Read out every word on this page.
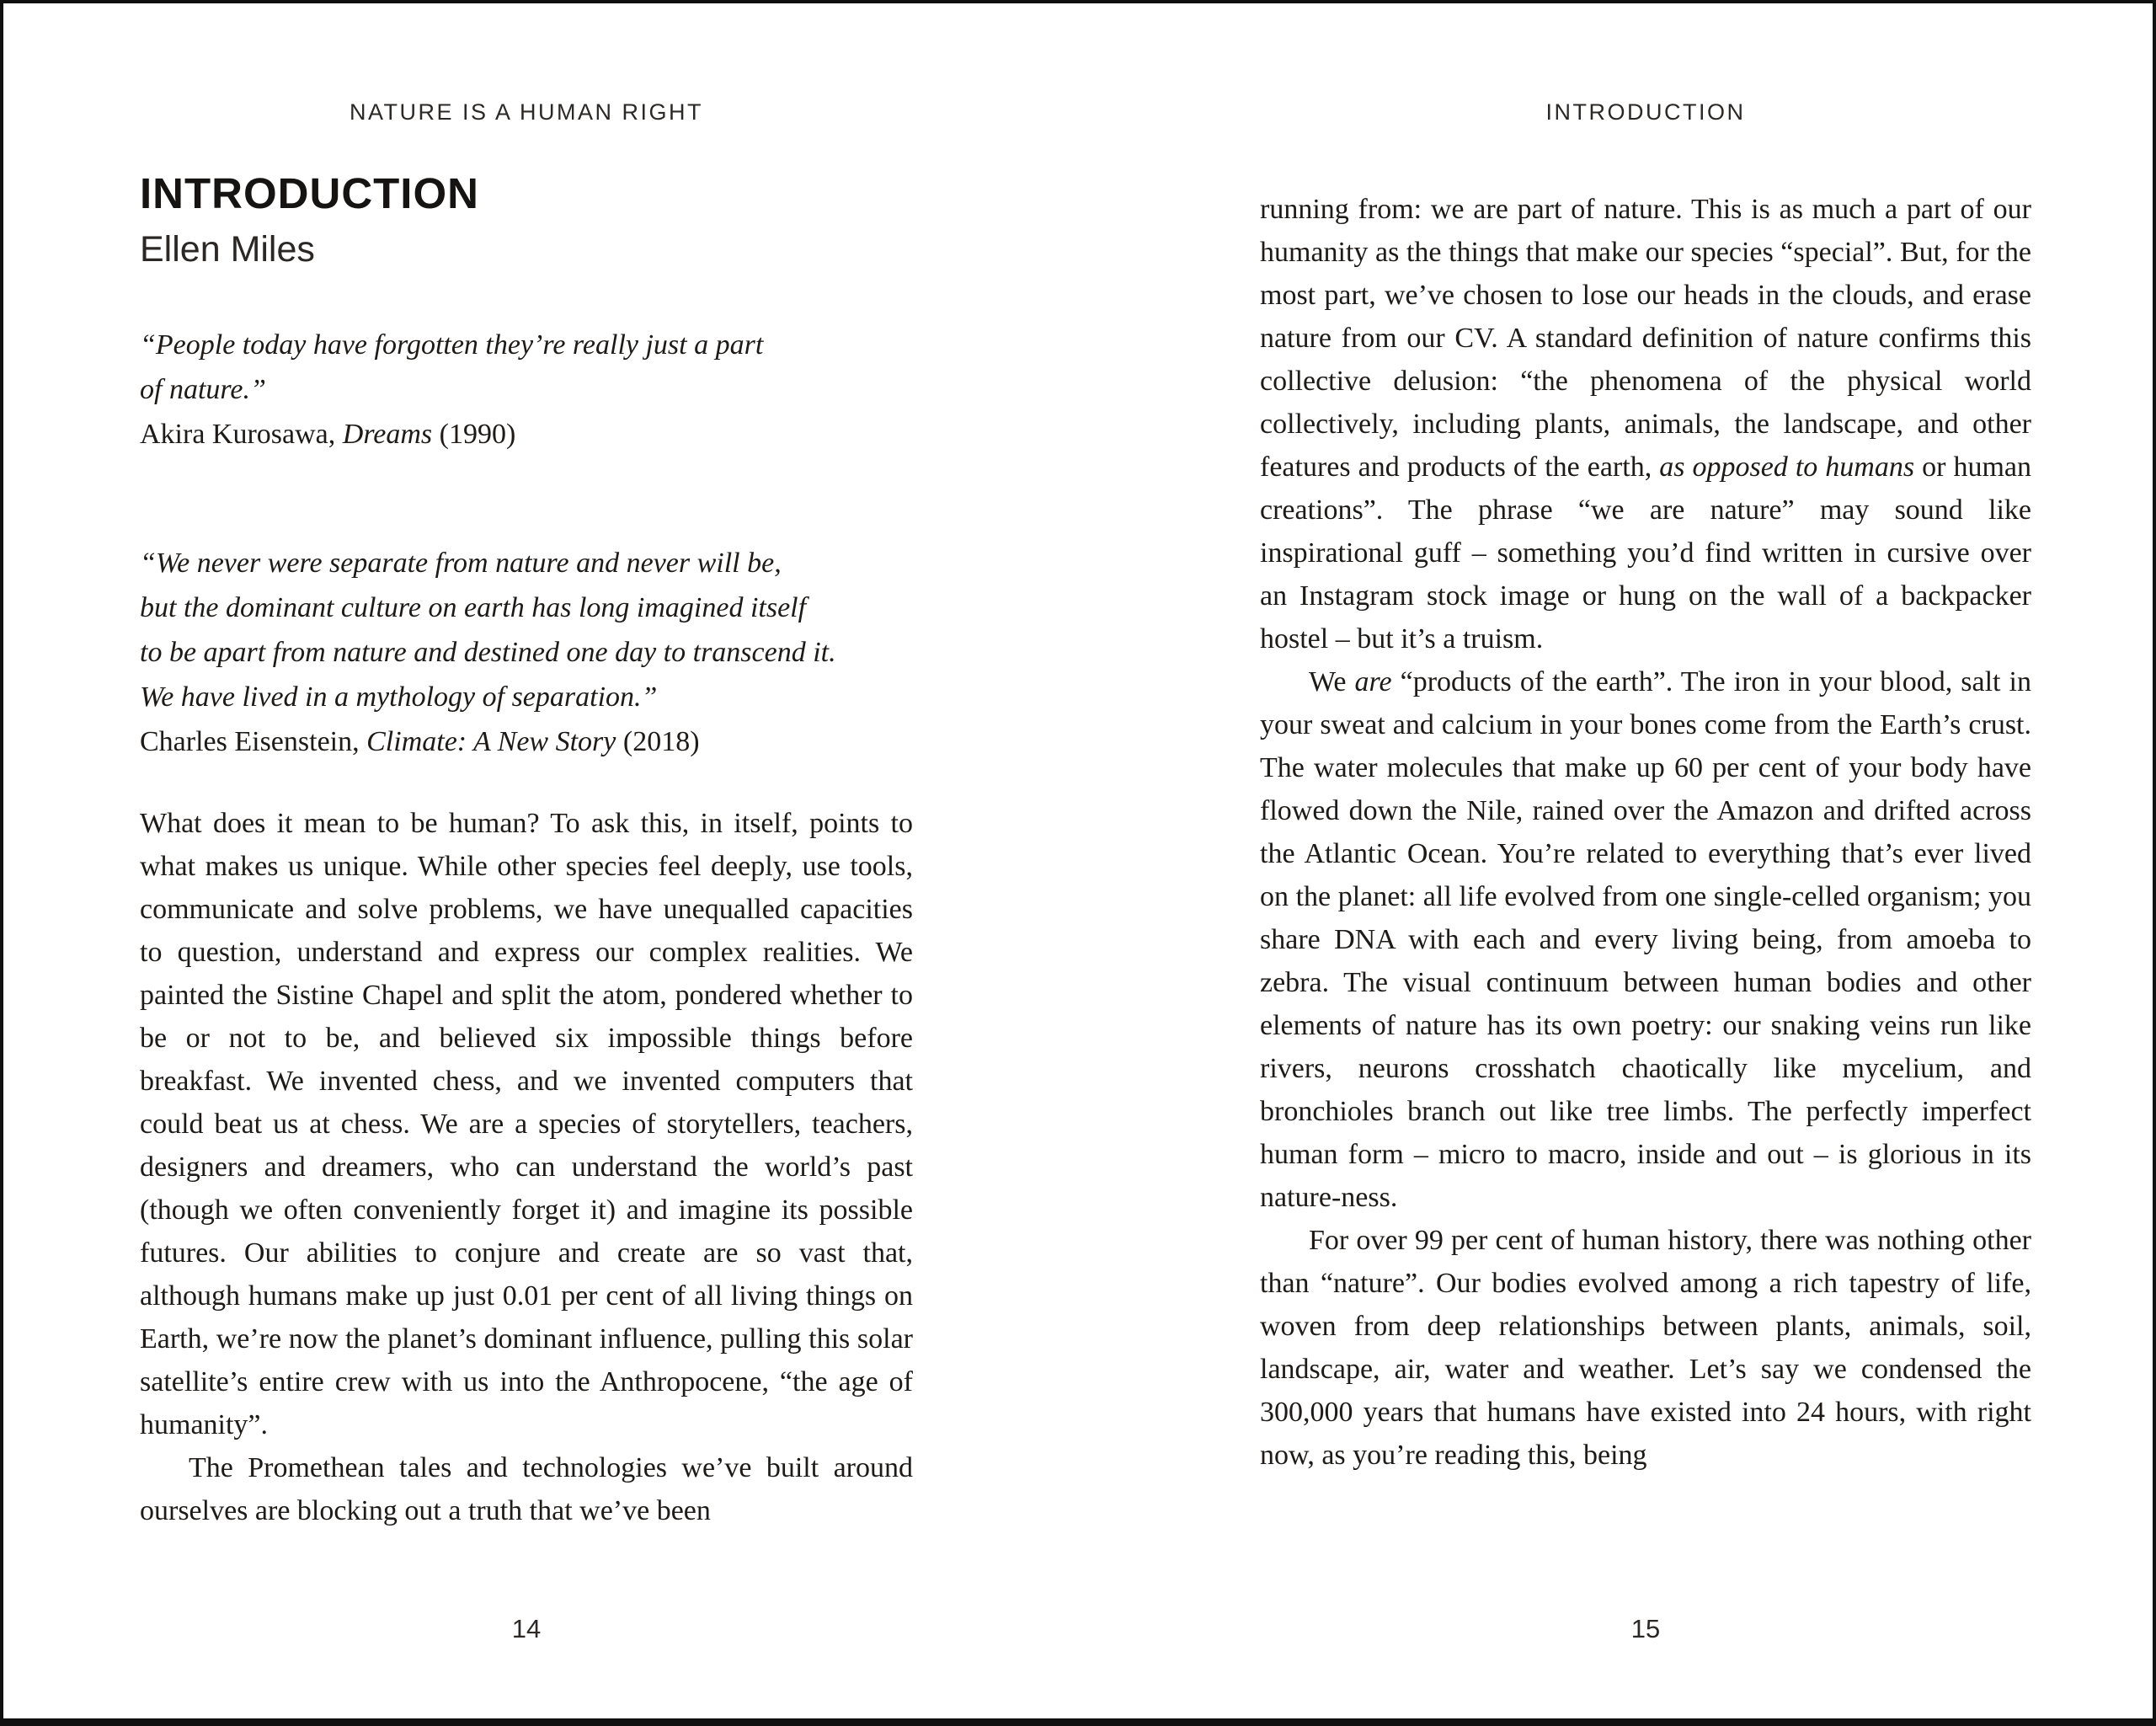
NATURE IS A HUMAN RIGHT
INTRODUCTION
Ellen Miles
“People today have forgotten they’re really just a part
of nature.”
Akira Kurosawa, Dreams (1990)
“We never were separate from nature and never will be,
but the dominant culture on earth has long imagined itself
to be apart from nature and destined one day to transcend it.
We have lived in a mythology of separation.”
Charles Eisenstein, Climate: A New Story (2018)

What does it mean to be human? To ask this, in itself, points to what makes us unique. While other species feel deeply, use tools, communicate and solve problems, we have unequalled capacities to question, understand and express our complex realities. We painted the Sistine Chapel and split the atom, pondered whether to be or not to be, and believed six impossible things before breakfast. We invented chess, and we invented computers that could beat us at chess. We are a species of storytellers, teachers, designers and dreamers, who can understand the world’s past (though we often conveniently forget it) and imagine its possible futures. Our abilities to conjure and create are so vast that, although humans make up just 0.01 per cent of all living things on Earth, we’re now the planet’s dominant influence, pulling this solar satellite’s entire crew with us into the Anthropocene, “the age of humanity”.

The Promethean tales and technologies we’ve built around ourselves are blocking out a truth that we’ve been

14
INTRODUCTION

running from: we are part of nature. This is as much a part of our humanity as the things that make our species “special”. But, for the most part, we’ve chosen to lose our heads in the clouds, and erase nature from our CV. A standard definition of nature confirms this collective delusion: “the phenomena of the physical world collectively, including plants, animals, the landscape, and other features and products of the earth, as opposed to humans or human creations”. The phrase “we are nature” may sound like inspirational guff – something you’d find written in cursive over an Instagram stock image or hung on the wall of a backpacker hostel – but it’s a truism.

We are “products of the earth”. The iron in your blood, salt in your sweat and calcium in your bones come from the Earth’s crust. The water molecules that make up 60 per cent of your body have flowed down the Nile, rained over the Amazon and drifted across the Atlantic Ocean. You’re related to everything that’s ever lived on the planet: all life evolved from one single-celled organism; you share DNA with each and every living being, from amoeba to zebra. The visual continuum between human bodies and other elements of nature has its own poetry: our snaking veins run like rivers, neurons crosshatch chaotically like mycelium, and bronchioles branch out like tree limbs. The perfectly imperfect human form – micro to macro, inside and out – is glorious in its nature-ness.

For over 99 per cent of human history, there was nothing other than “nature”. Our bodies evolved among a rich tapestry of life, woven from deep relationships between plants, animals, soil, landscape, air, water and weather. Let’s say we condensed the 300,000 years that humans have existed into 24 hours, with right now, as you’re reading this, being

15
